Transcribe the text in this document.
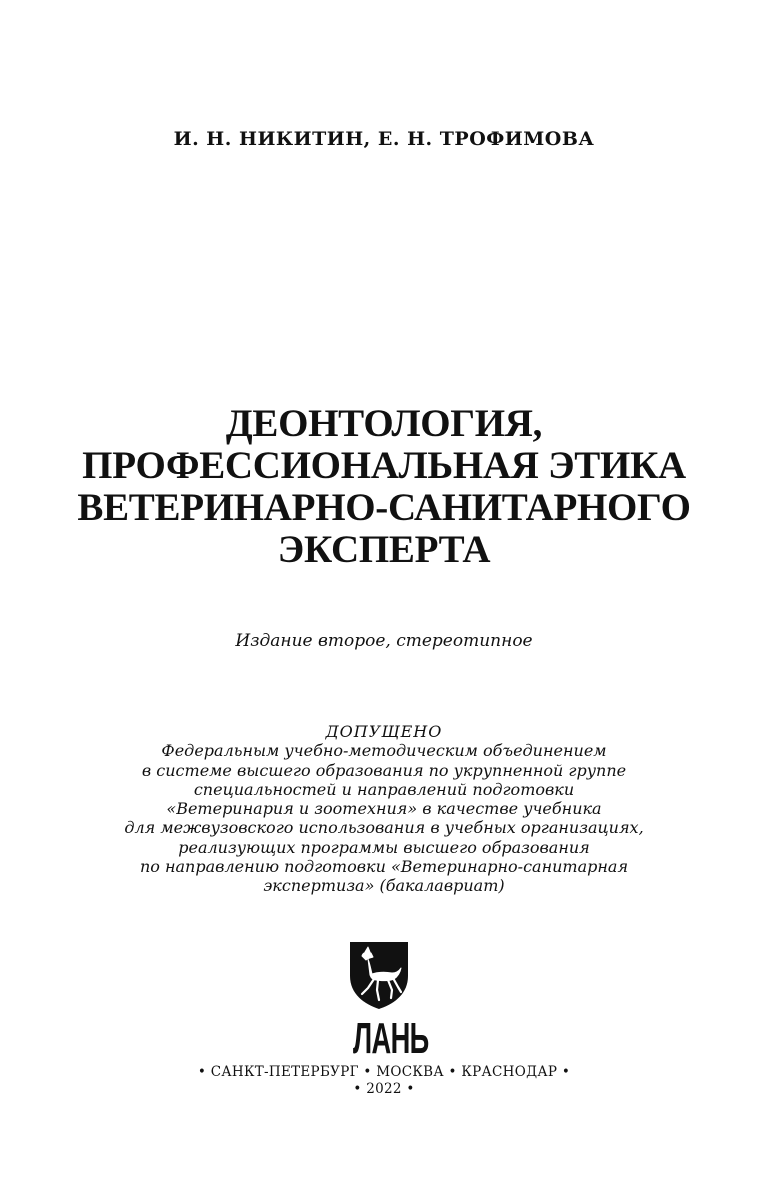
И. Н. НИКИТИН, Е. Н. ТРОФИМОВА
ДЕОНТОЛОГИЯ,
ПРОФЕССИОНАЛЬНАЯ ЭТИКА
ВЕТЕРИНАРНО-САНИТАРНОГО
ЭКСПЕРТА
Издание второе, стереотипное
ДОПУЩЕНО
Федеральным учебно-методическим объединением
в системе высшего образования по укрупненной группе
специальностей и направлений подготовки
«Ветеринария и зоотехния» в качестве учебника
для межвузовского использования в учебных организациях,
реализующих программы высшего образования
по направлению подготовки «Ветеринарно-санитарная
экспертиза» (бакалавриат)
ЛАНЬ
• САНКТ-ПЕТЕРБУРГ • МОСКВА • КРАСНОДАР •
• 2022 •
